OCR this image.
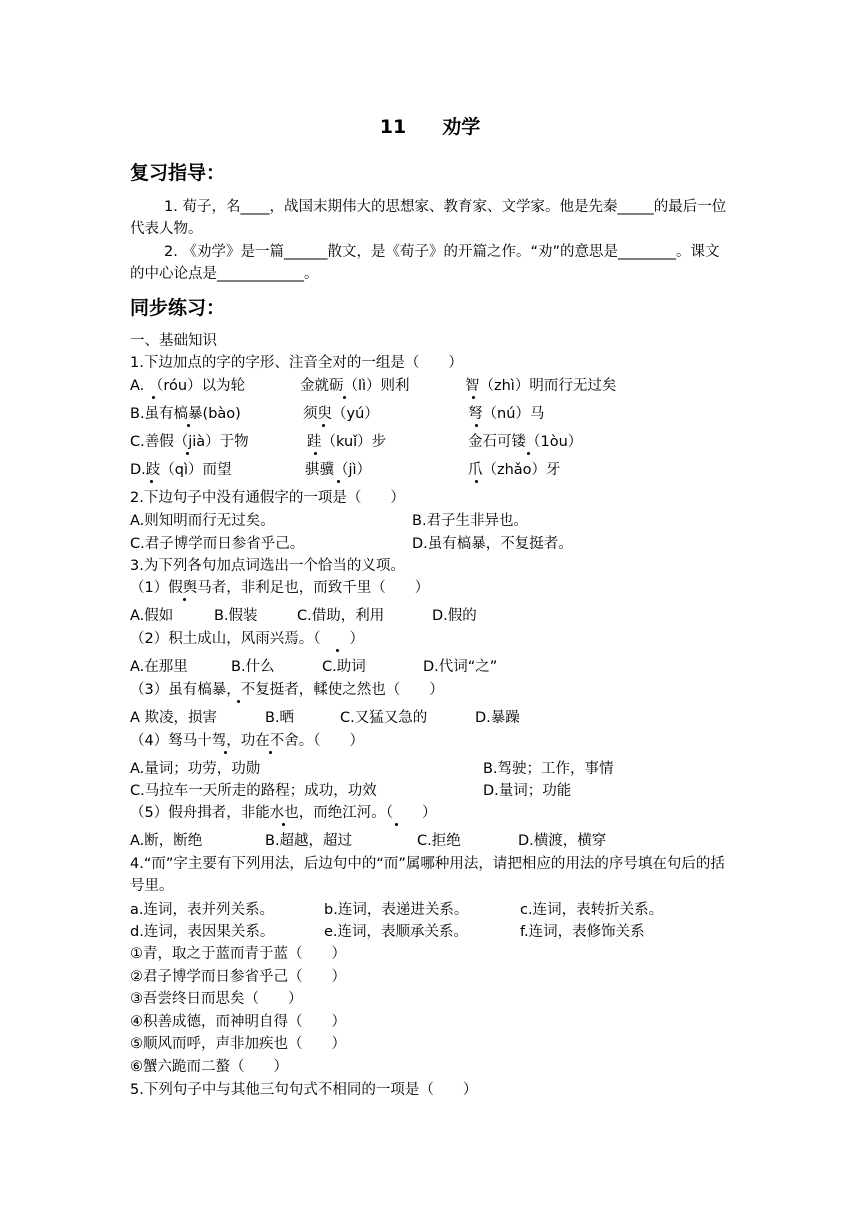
11 劝学
复习指导：
1. 荀子，名____，战国末期伟大的思想家、教育家、文学家。他是先秦_____的最后一位代表人物。
2. 《劝学》是一篇______散文，是《荀子》的开篇之作。“劝”的意思是________。课文的中心论点是____________。
同步练习：
一、基础知识
1.下边加点的字的字形、注音全对的一组是（　　）
A. （róu）以为轮	金就砺（lì）则利	智（zhì）明而行无过矣
B.虽有槁暴(bào)	须臾（yú）	弩（nú）马
C.善假（jià）于物	跬（kuǐ）步	金石可镂（1òu）
D.跂（qì）而望	骐骥（jì）	爪（zhǎo）牙
2.下边句子中没有通假字的一项是（　　）
A.则知明而行无过矣。	B.君子生非异也。
C.君子博学而日参省乎己。	D.虽有槁暴，不复挺者。
3.为下列各句加点词选出一个恰当的义项。
（1）假舆马者，非利足也，而致千里（　　）
A.假如	B.假装	C.借助，利用	D.假的
（2）积土成山，风雨兴焉。（　　）
A.在那里	B.什么	C.助词	D.代词“之”
（3）虽有槁暴，不复挺者，輮使之然也（　　）
A 欺凌，损害	B.晒	C.又猛又急的	D.暴躁
（4）驽马十驾，功在不舍。（　　）
A.量词；功劳，功勋	B.驾驶；工作，事情
C.马拉车一天所走的路程；成功，功效	D.量词；功能
（5）假舟揖者，非能水也，而绝江河。（　　）
A.断，断绝	B.超越，超过	C.拒绝	D.横渡，横穿
4.“而”字主要有下列用法，后边句中的“而”属哪种用法，请把相应的用法的序号填在句后的括号里。
a.连词，表并列关系。	b.连词，表递进关系。	c.连词，表转折关系。
d.连词，表因果关系。	e.连词，表顺承关系。	f.连词，表修饰关系
①青，取之于蓝而青于蓝（　　）
②君子博学而日参省乎己（　　）
③吾尝终日而思矣（　　）
④积善成德，而神明自得（　　）
⑤顺风而呼，声非加疾也（　　）
⑥蟹六跪而二螯（　　）
5.下列句子中与其他三句句式不相同的一项是（　　）
